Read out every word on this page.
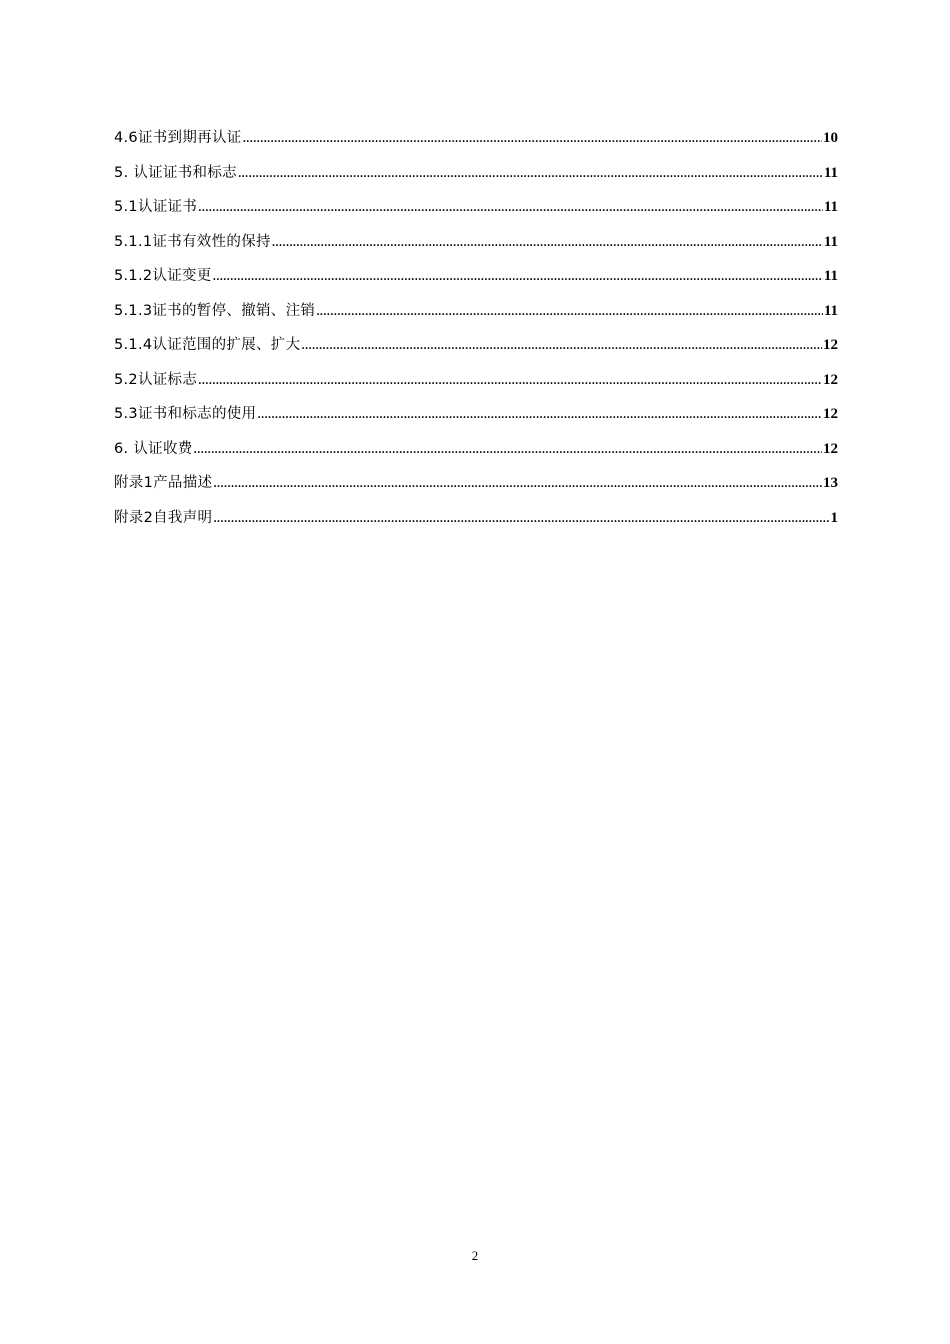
4.6证书到期再认证 .....	10
5. 认证证书和标志 .....	11
5.1认证证书 .....	11
5.1.1证书有效性的保持 .....	11
5.1.2认证变更 .....	11
5.1.3证书的暂停、撤销、注销 .....	11
5.1.4认证范围的扩展、扩大 .....	12
5.2认证标志 .....	12
5.3证书和标志的使用 .....	12
6. 认证收费 .....	12
附录1产品描述 .....	13
附录2自我声明 .....	1
2
